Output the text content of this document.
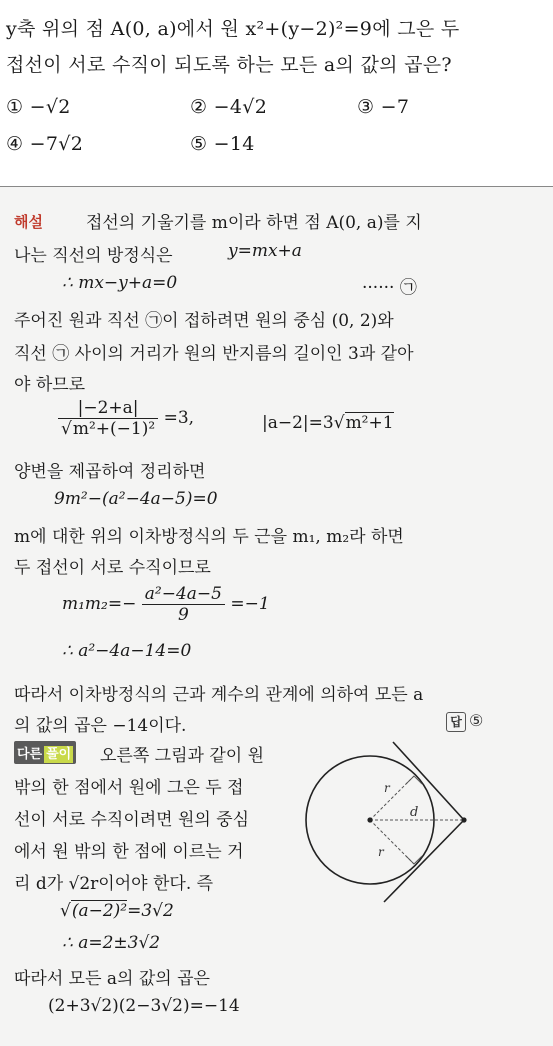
y축 위의 점 A(0, a)에서 원 x²+(y−2)²=9에 그은 두
접선이 서로 수직이 되도록 하는 모든 a의 값의 곱은?
① −√2	② −4√2	③ −7
④ −7√2	⑤ −14
해설	접선의 기울기를 m이라 하면 점 A(0, a)를 지
나는 직선의 방정식은	y=mx+a
∴ mx−y+a=0	······ ㉠
주어진 원과 직선 ㉠이 접하려면 원의 중심 (0, 2)와
직선 ㉠ 사이의 거리가 원의 반지름의 길이인 3과 같아
야 하므로
$\frac{|-2+a|}{\text{√m²+(−1)²}} =3$,	|a−2|=3√m²+1
양변을 제곱하여 정리하면
9m²−(a²−4a−5)=0
m에 대한 위의 이차방정식의 두 근을 m₁, m₂라 하면
두 접선이 서로 수직이므로
$m_1m_2=- \frac{\text{a²−4a−5}}{9} =-1$
∴ a²−4a−14=0
따라서 이차방정식의 근과 계수의 관계에 의하여 모든 a
의 값의 곱은 −14이다.	답 ⑤
다른 풀이 오른쪽 그림과 같이 원
밖의 한 점에서 원에 그은 두 접
선이 서로 수직이려면 원의 중심
에서 원 밖의 한 점에 이르는 거
리 d가 √2r이어야 한다. 즉
√(a−2)²=3√2
∴ a=2±3√2
따라서 모든 a의 값의 곱은
(2+3√2)(2−3√2)=−14
r
d
r
